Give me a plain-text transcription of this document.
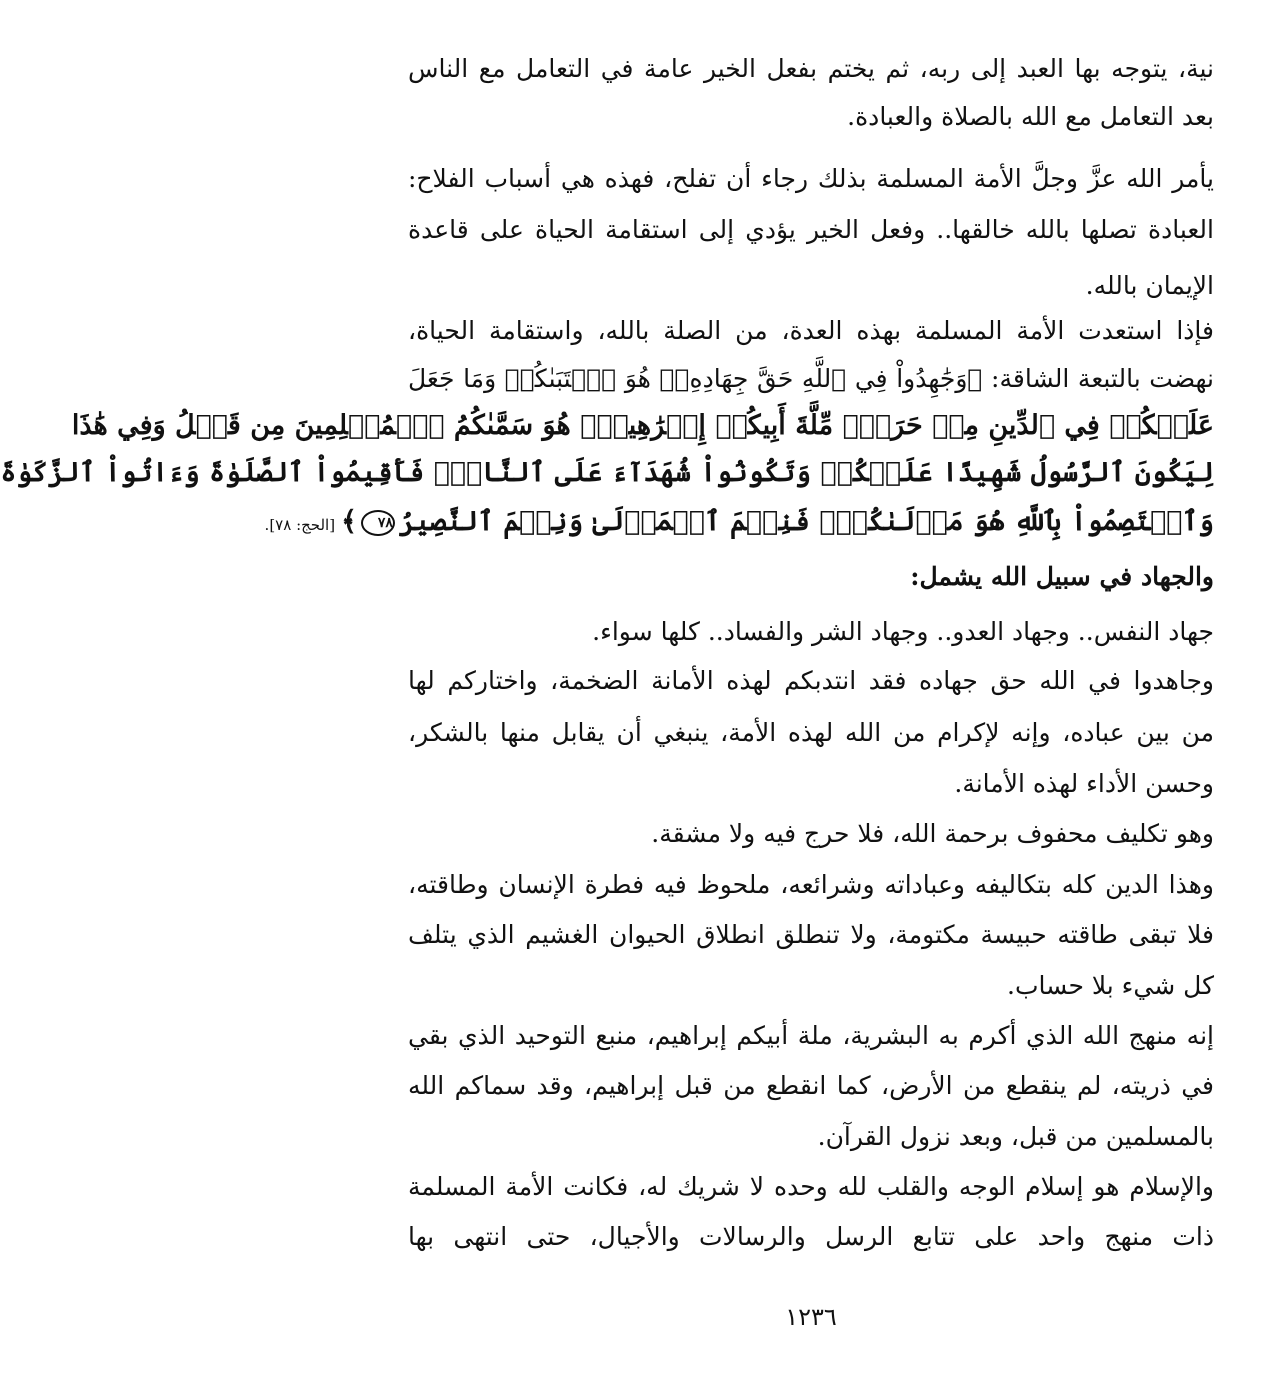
نية، يتوجه بها العبد إلى ربه، ثم يختم بفعل الخير عامة في التعامل مع الناس
بعد التعامل مع الله بالصلاة والعبادة.
يأمر الله عزَّ وجلَّ الأمة المسلمة بذلك رجاء أن تفلح، فهذه هي أسباب الفلاح:
العبادة تصلها بالله خالقها.. وفعل الخير يؤدي إلى استقامة الحياة على قاعدة
الإيمان بالله.
فإذا استعدت الأمة المسلمة بهذه العدة، من الصلة بالله، واستقامة الحياة،
نهضت بالتبعة الشاقة: ﴿وَجَٰهِدُواْ فِي ٱللَّهِ حَقَّ جِهَادِهِۦۚ هُوَ ٱجۡتَبَىٰكُمۡ وَمَا جَعَلَ
عَلَيۡكُمۡ فِي ٱلدِّينِ مِنۡ حَرَجٖۚ مِّلَّةَ أَبِيكُمۡ إِبۡرَٰهِيمَۚ هُوَ سَمَّىٰكُمُ ٱلۡمُسۡلِمِينَ مِن قَبۡلُ وَفِي هَٰذَا
لِيَكُونَ ٱلرَّسُولُ شَهِيدًا عَلَيۡكُمۡ وَتَكُونُواْ شُهَدَآءَ عَلَى ٱلنَّاسِۚ فَأَقِيمُواْ ٱلصَّلَوٰةَ وَءَاتُواْ ٱلزَّكَوٰةَ
وَٱعۡتَصِمُواْ بِٱللَّهِ هُوَ مَوۡلَىٰكُمۡۖ فَنِعۡمَ ٱلۡمَوۡلَىٰ وَنِعۡمَ ٱلنَّصِيرُ٧٨﴾[الحج: ٧٨].
والجهاد في سبيل الله يشمل:
جهاد النفس.. وجهاد العدو.. وجهاد الشر والفساد.. كلها سواء.
وجاهدوا في الله حق جهاده فقد انتدبكم لهذه الأمانة الضخمة، واختاركم لها
من بين عباده، وإنه لإكرام من الله لهذه الأمة، ينبغي أن يقابل منها بالشكر،
وحسن الأداء لهذه الأمانة.
وهو تكليف محفوف برحمة الله، فلا حرج فيه ولا مشقة.
وهذا الدين كله بتكاليفه وعباداته وشرائعه، ملحوظ فيه فطرة الإنسان وطاقته،
فلا تبقى طاقته حبيسة مكتومة، ولا تنطلق انطلاق الحيوان الغشيم الذي يتلف
كل شيء بلا حساب.
إنه منهج الله الذي أكرم به البشرية، ملة أبيكم إبراهيم، منبع التوحيد الذي بقي
في ذريته، لم ينقطع من الأرض، كما انقطع من قبل إبراهيم، وقد سماكم الله
بالمسلمين من قبل، وبعد نزول القرآن.
والإسلام هو إسلام الوجه والقلب لله وحده لا شريك له، فكانت الأمة المسلمة
ذات منهج واحد على تتابع الرسل والرسالات والأجيال، حتى انتهى بها
١٢٣٦
